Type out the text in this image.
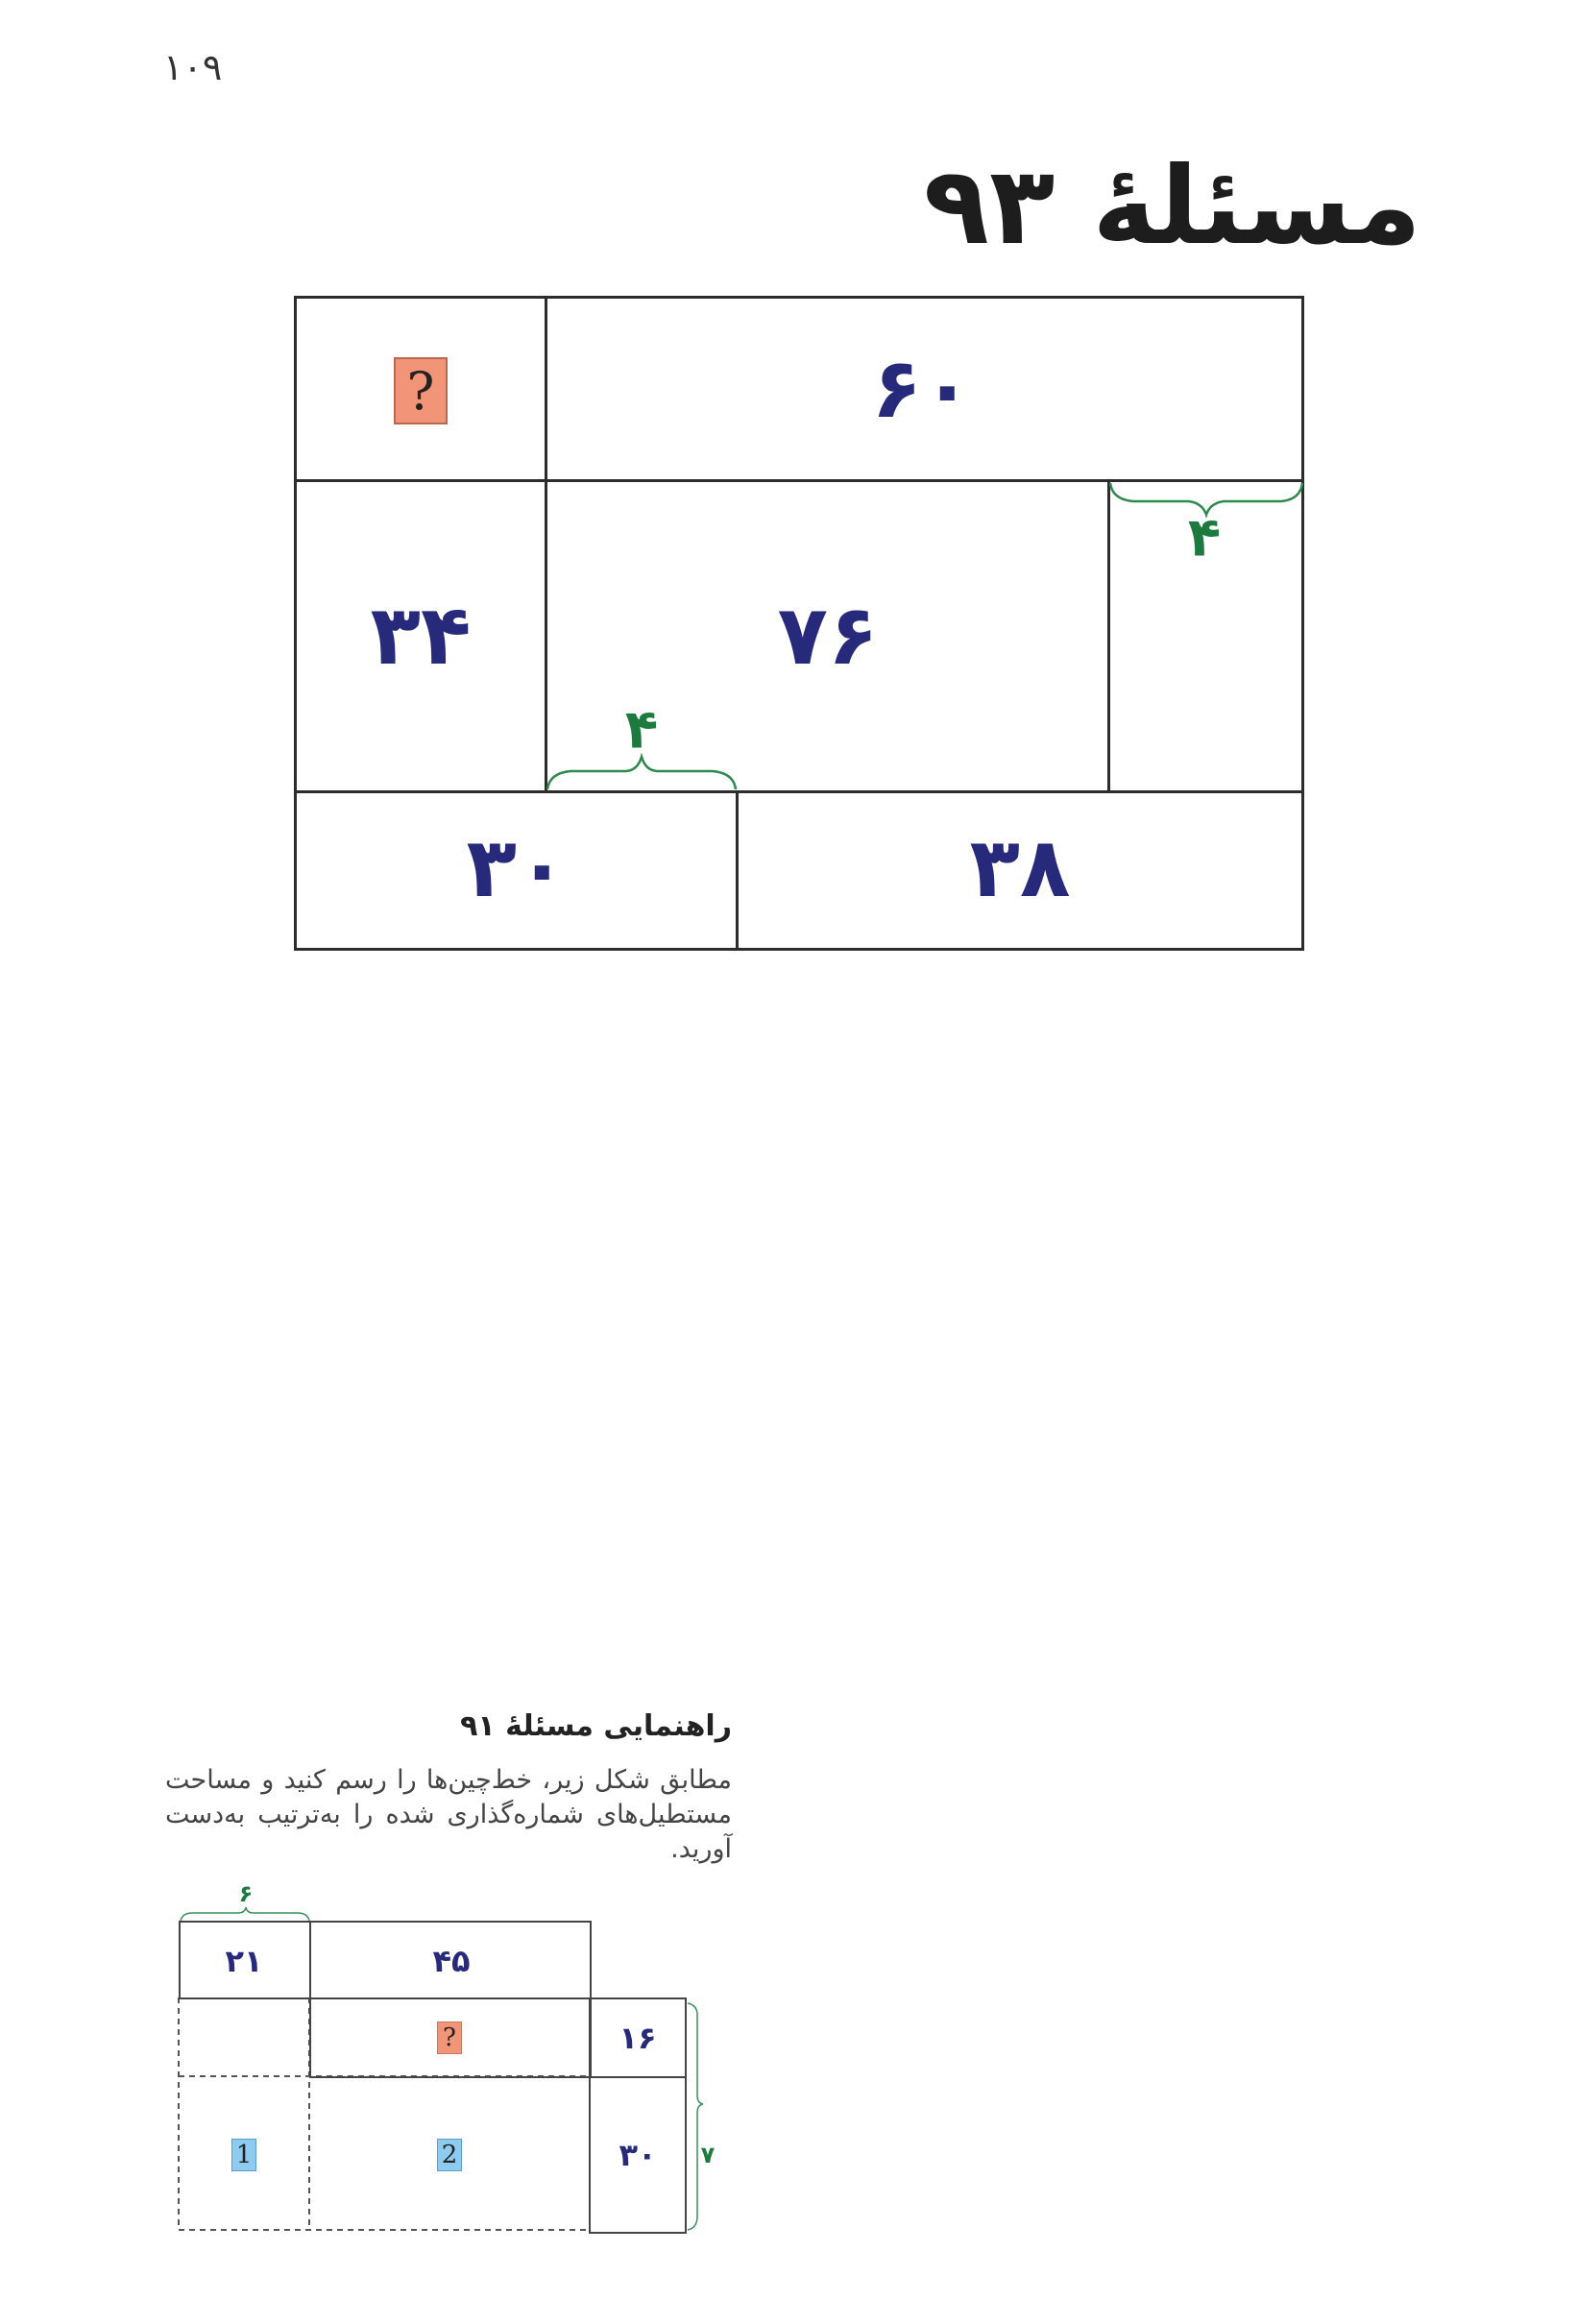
۱۰۹
مسئلهٔ ۹۳
?	۶۰
۳۴	۷۶
۳۰	۳۸
۴
۴
راهنمایی مسئلهٔ ۹۱
مطابق شکل زیر، خط‌چین‌ها را رسم کنید و مساحت مستطیل‌های شماره‌گذاری شده را به‌ترتیب به‌دست آورید.
۲۱	۴۵
۱۶
۳۰
۶
۷
?
1	2
